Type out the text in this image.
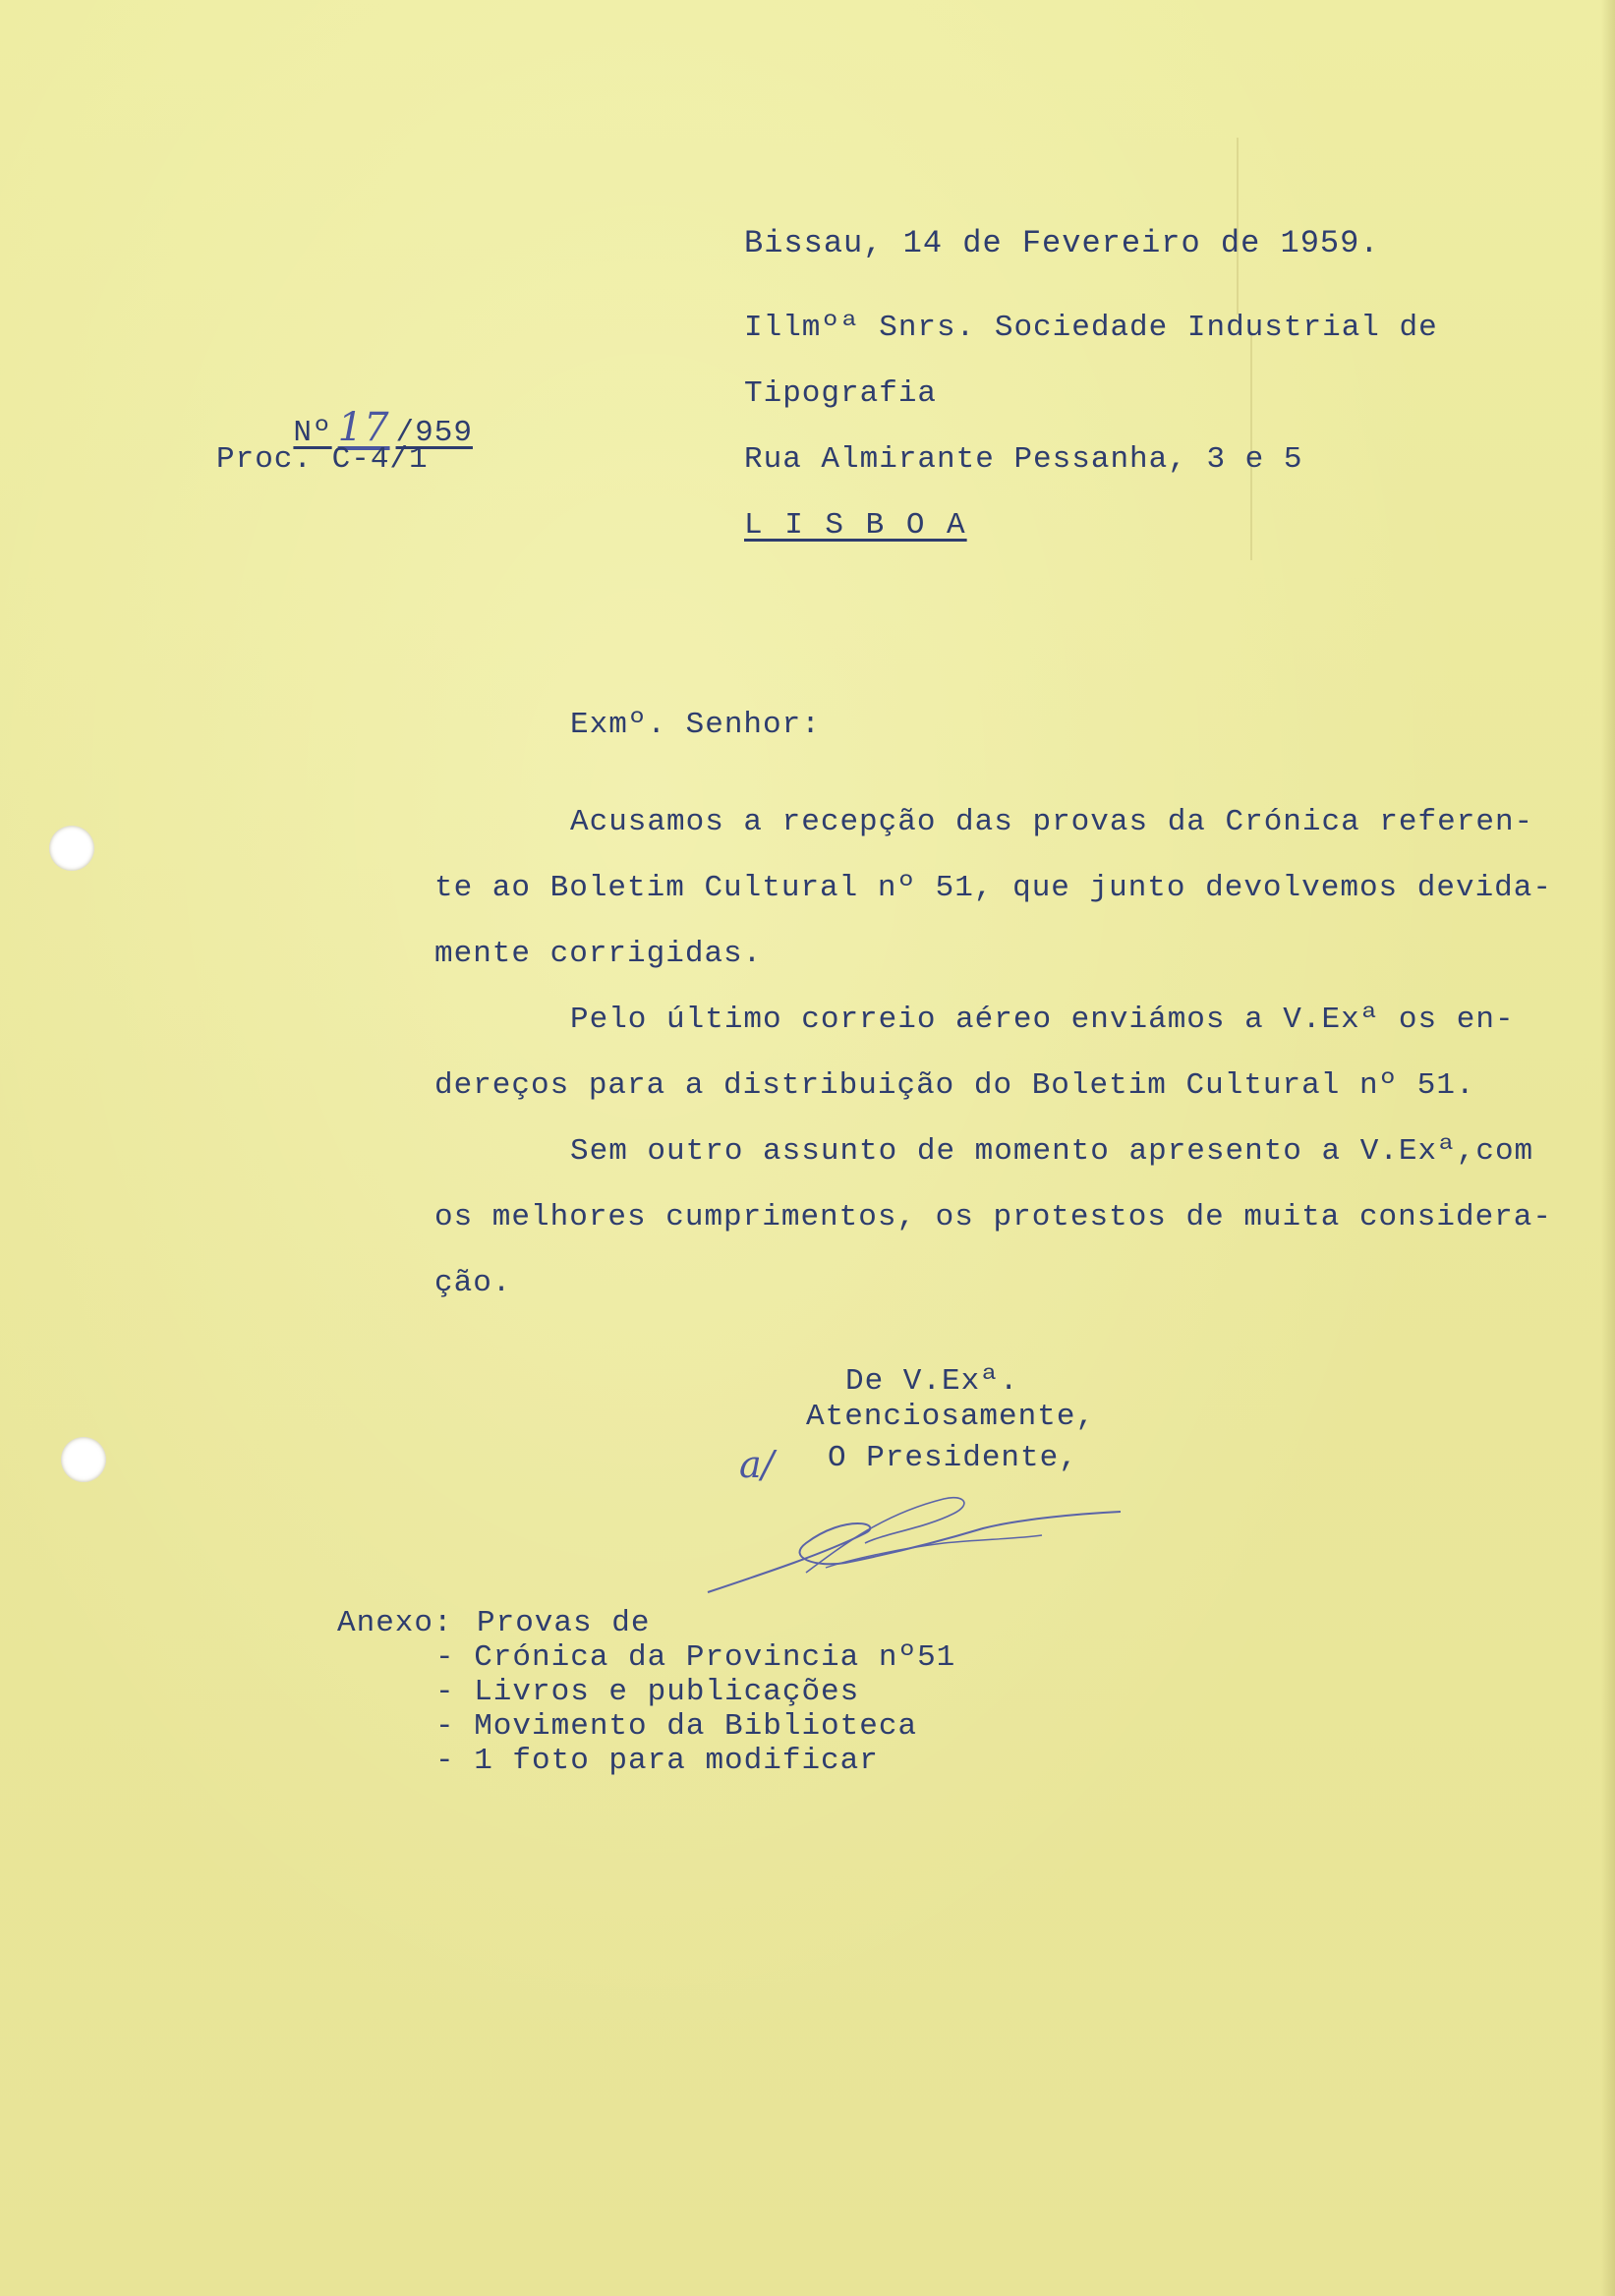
Bissau, 14 de Fevereiro de 1959.

Nº 17 /959

Proc. C-4/1
Illmºª Snrs. Sociedade Industrial de
Tipografia
Rua Almirante Pessanha, 3 e 5
L I S B O A
Exmº. Senhor:
Acusamos a recepção das provas da Crónica referen-
te ao Boletim Cultural nº 51, que junto devolvemos devida-
mente corrigidas.
Pelo último correio aéreo enviámos a V.Exª os en-
dereços para a distribuição do Boletim Cultural nº 51.
Sem outro assunto de momento apresento a V.Exª,com
os melhores cumprimentos, os protestos de muita considera-
ção.
De V.Exª.
Atenciosamente,
a/ O Presidente,
Anexo: Provas de
- Crónica da Provincia nº51
- Livros e publicações
- Movimento da Biblioteca
- 1 foto para modificar
